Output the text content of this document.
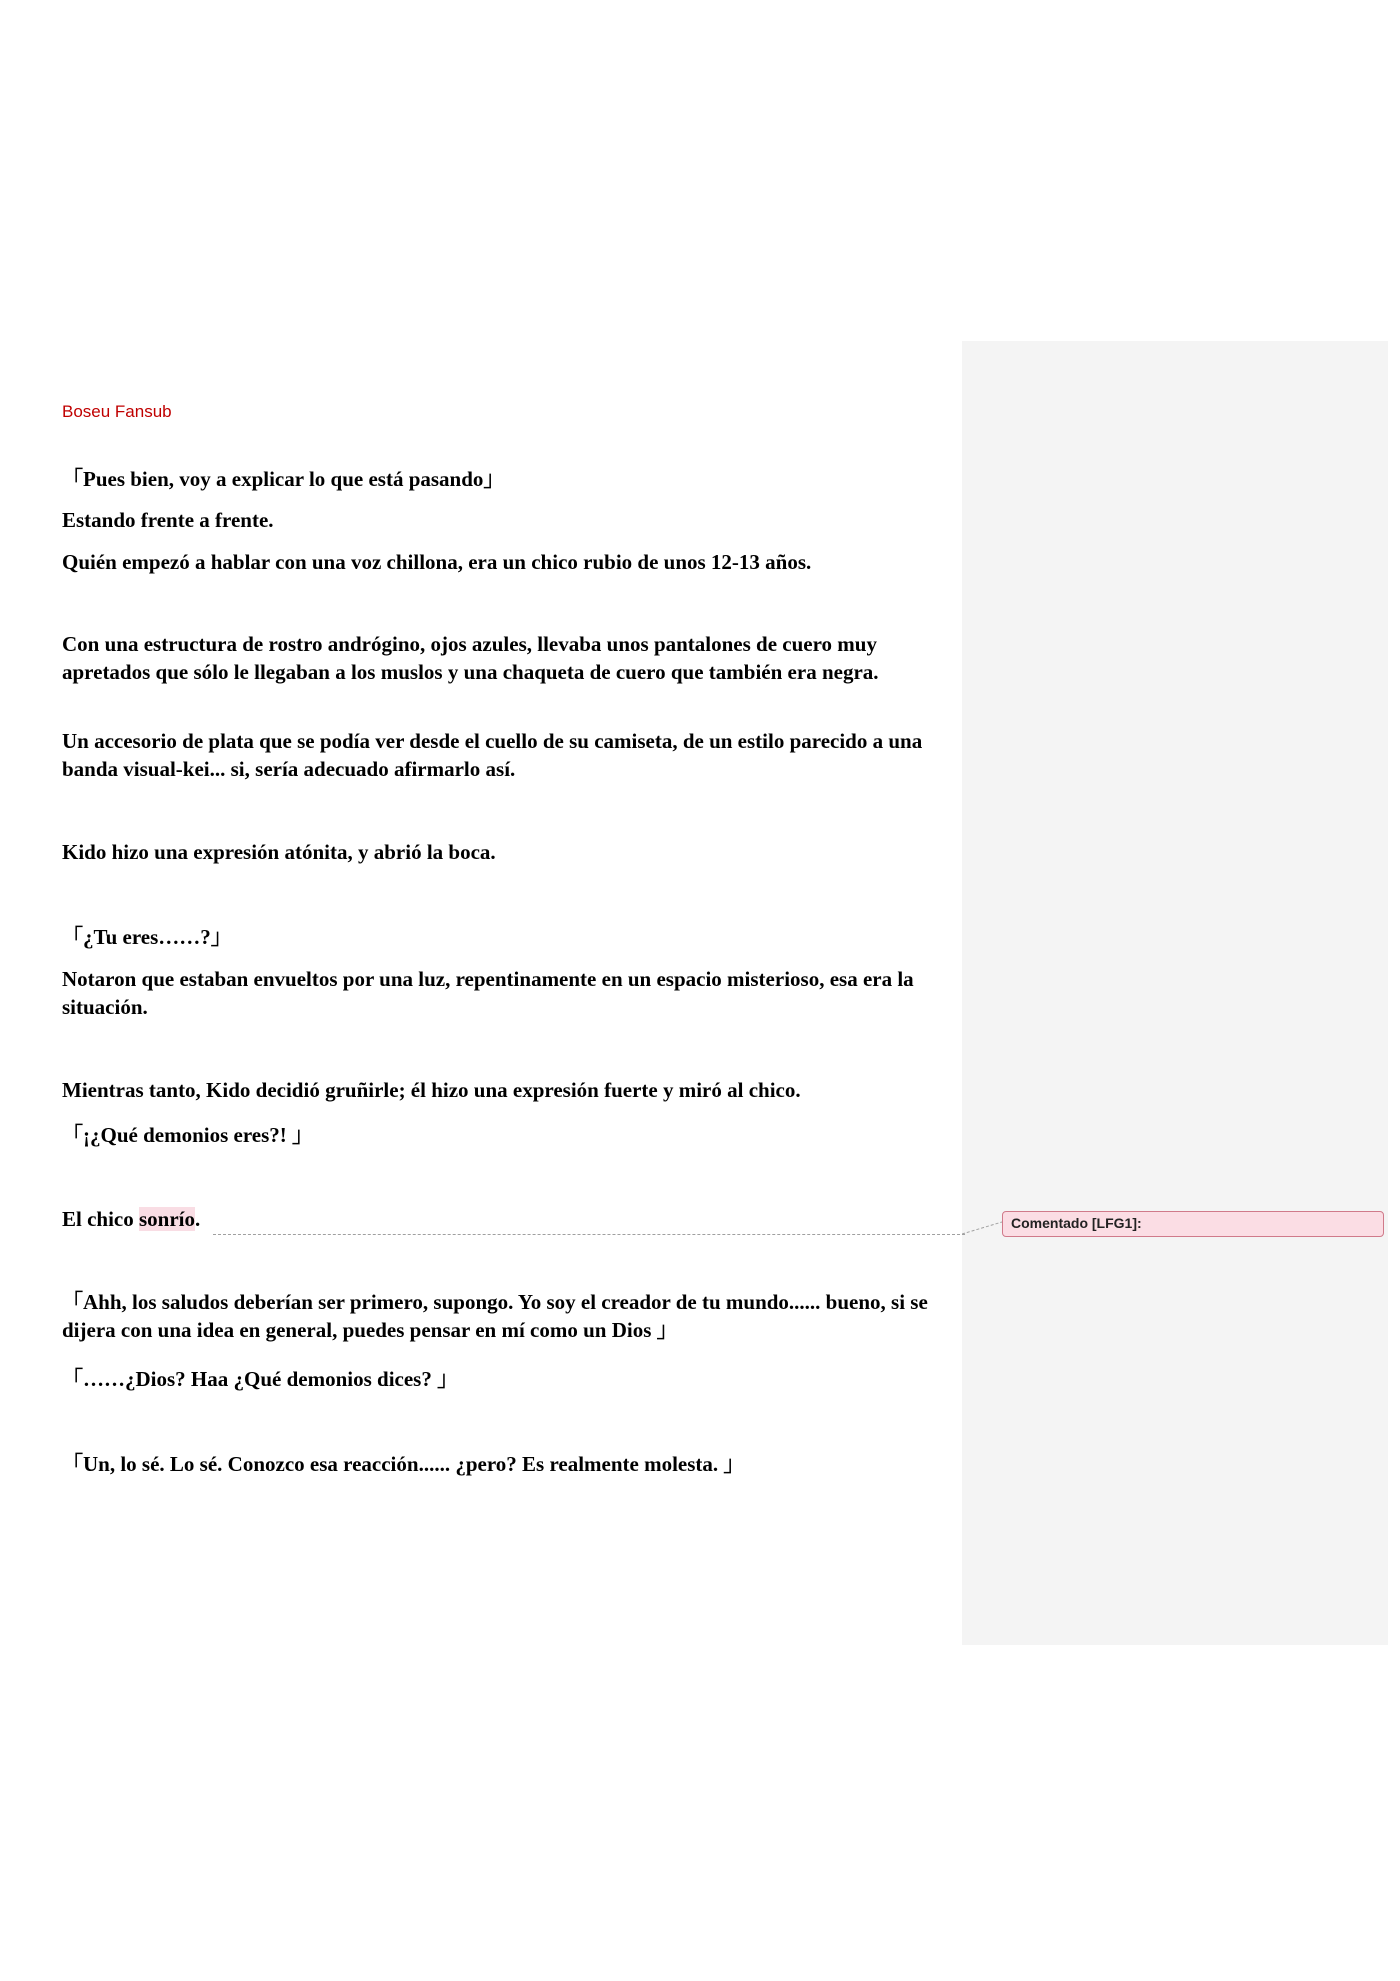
Boseu Fansub

「Pues bien, voy a explicar lo que está pasando」

Estando frente a frente.

Quién empezó a hablar con una voz chillona, era un chico rubio de unos 12-13 años.

Con una estructura de rostro andrógino, ojos azules, llevaba unos pantalones de cuero muy apretados que sólo le llegaban a los muslos y una chaqueta de cuero que también era negra.

Un accesorio de plata que se podía ver desde el cuello de su camiseta, de un estilo parecido a una banda visual-kei... si, sería adecuado afirmarlo así.

Kido hizo una expresión atónita, y abrió la boca.

「¿Tu eres……?」

Notaron que estaban envueltos por una luz, repentinamente en un espacio misterioso, esa era la situación.

Mientras tanto, Kido decidió gruñirle; él hizo una expresión fuerte y miró al chico.

「¡¿Qué demonios eres?! 」

El chico sonrío.

「Ahh, los saludos deberían ser primero, supongo. Yo soy el creador de tu mundo...... bueno, si se dijera con una idea en general, puedes pensar en mí como un Dios 」

「……¿Dios? Haa ¿Qué demonios dices? 」

「Un, lo sé. Lo sé. Conozco esa reacción...... ¿pero? Es realmente molesta. 」

Comentado [LFG1]:
